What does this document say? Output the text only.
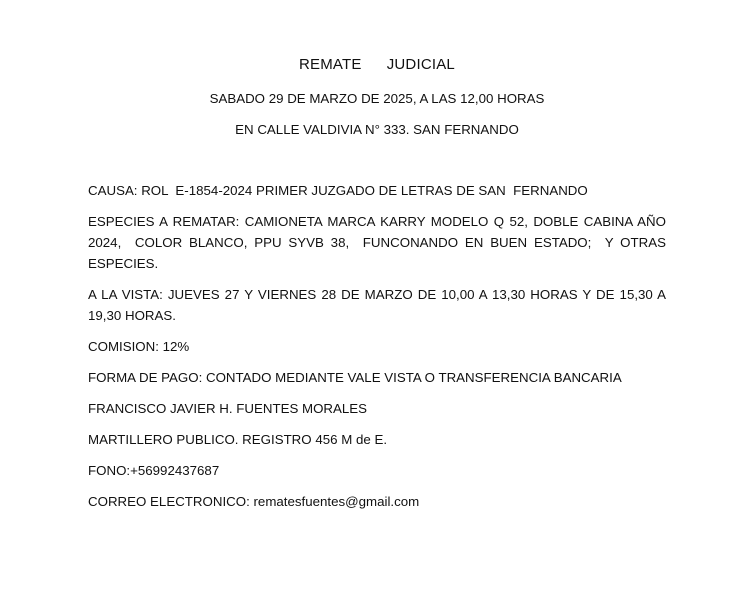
REMATE   JUDICIAL
SABADO 29 DE MARZO DE 2025, A LAS 12,00 HORAS
EN CALLE VALDIVIA N° 333. SAN FERNANDO

CAUSA: ROL  E-1854-2024 PRIMER JUZGADO DE LETRAS DE SAN  FERNANDO

ESPECIES A REMATAR: CAMIONETA MARCA KARRY MODELO Q 52, DOBLE CABINA AÑO 2024,  COLOR BLANCO, PPU SYVB 38,  FUNCONANDO EN BUEN ESTADO;  Y OTRAS ESPECIES.

A LA VISTA: JUEVES 27 Y VIERNES 28 DE MARZO DE 10,00 A 13,30 HORAS Y DE 15,30 A 19,30 HORAS.

COMISION: 12%

FORMA DE PAGO: CONTADO MEDIANTE VALE VISTA O TRANSFERENCIA BANCARIA

FRANCISCO JAVIER H. FUENTES MORALES

MARTILLERO PUBLICO. REGISTRO 456 M de E.

FONO:+56992437687

CORREO ELECTRONICO: rematesfuentes@gmail.com
